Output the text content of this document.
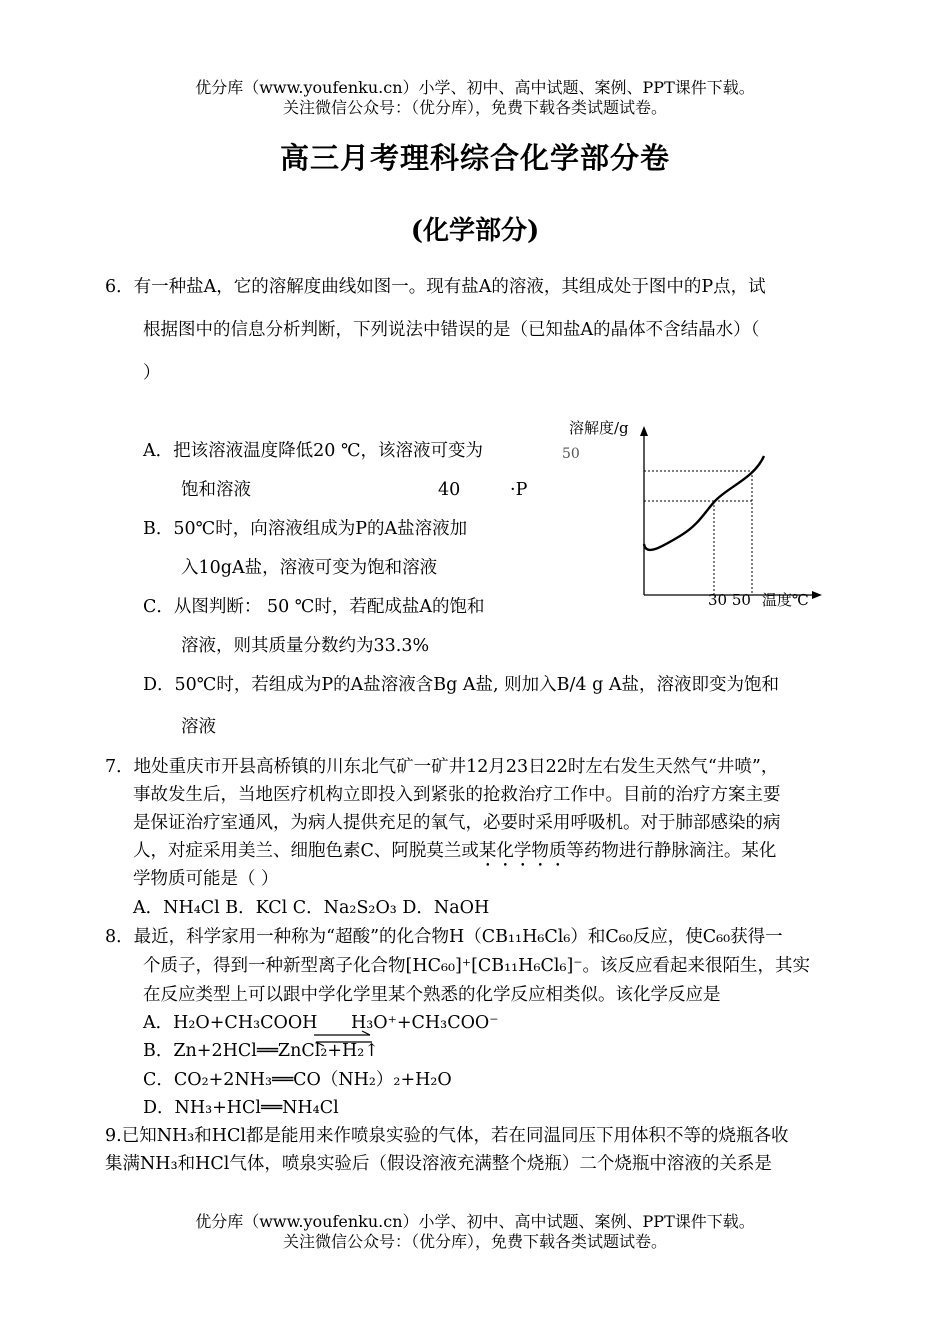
优分库（www.youfenku.cn）小学、初中、高中试题、案例、PPT课件下载。
关注微信公众号：（优分库），免费下载各类试题试卷。
高三月考理科综合化学部分卷
(化学部分)
6．有一种盐A，它的溶解度曲线如图一。现有盐A的溶液，其组成处于图中的P点，试
根据图中的信息分析判断，下列说法中错误的是（已知盐A的晶体不含结晶水）（
）
A．把该溶液温度降低20 ℃，该溶液可变为
饱和溶液
B．50℃时，向溶液组成为P的A盐溶液加
入10gA盐，溶液可变为饱和溶液
C．从图判断： 50 ℃时，若配成盐A的饱和
溶液，则其质量分数约为33.3%
D．50℃时，若组成为P的A盐溶液含Bg A盐, 则加入B/4 g A盐，溶液即变为饱和
溶液
40	·P
溶解度/g
50
30 50 温度℃
7．地处重庆市开县高桥镇的川东北气矿一矿井12月23日22时左右发生天然气“井喷”，
事故发生后，当地医疗机构立即投入到紧张的抢救治疗工作中。目前的治疗方案主要
是保证治疗室通风，为病人提供充足的氧气，必要时采用呼吸机。对于肺部感染的病
人，对症采用美兰、细胞色素C、阿脱莫兰或某化学物质等药物进行静脉滴注。某化
学物质可能是（ ）
A．NH₄Cl B．KCl C．Na₂S₂O₃ D．NaOH
8．最近，科学家用一种称为“超酸”的化合物H（CB₁₁H₆Cl₆）和C₆₀反应，使C₆₀获得一
个质子，得到一种新型离子化合物[HC₆₀]⁺[CB₁₁H₆Cl₆]⁻。该反应看起来很陌生，其实
在反应类型上可以跟中学化学里某个熟悉的化学反应相类似。该化学反应是
A．H₂O+CH₃COOH H₃O⁺+CH₃COO⁻
B．Zn+2HCl══ZnCl₂+H₂↑
C．CO₂+2NH₃══CO（NH₂）₂+H₂O
D．NH₃+HCl══NH₄Cl
9.已知NH₃和HCl都是能用来作喷泉实验的气体，若在同温同压下用体积不等的烧瓶各收
集满NH₃和HCl气体，喷泉实验后（假设溶液充满整个烧瓶）二个烧瓶中溶液的关系是
优分库（www.youfenku.cn）小学、初中、高中试题、案例、PPT课件下载。
关注微信公众号：（优分库），免费下载各类试题试卷。
